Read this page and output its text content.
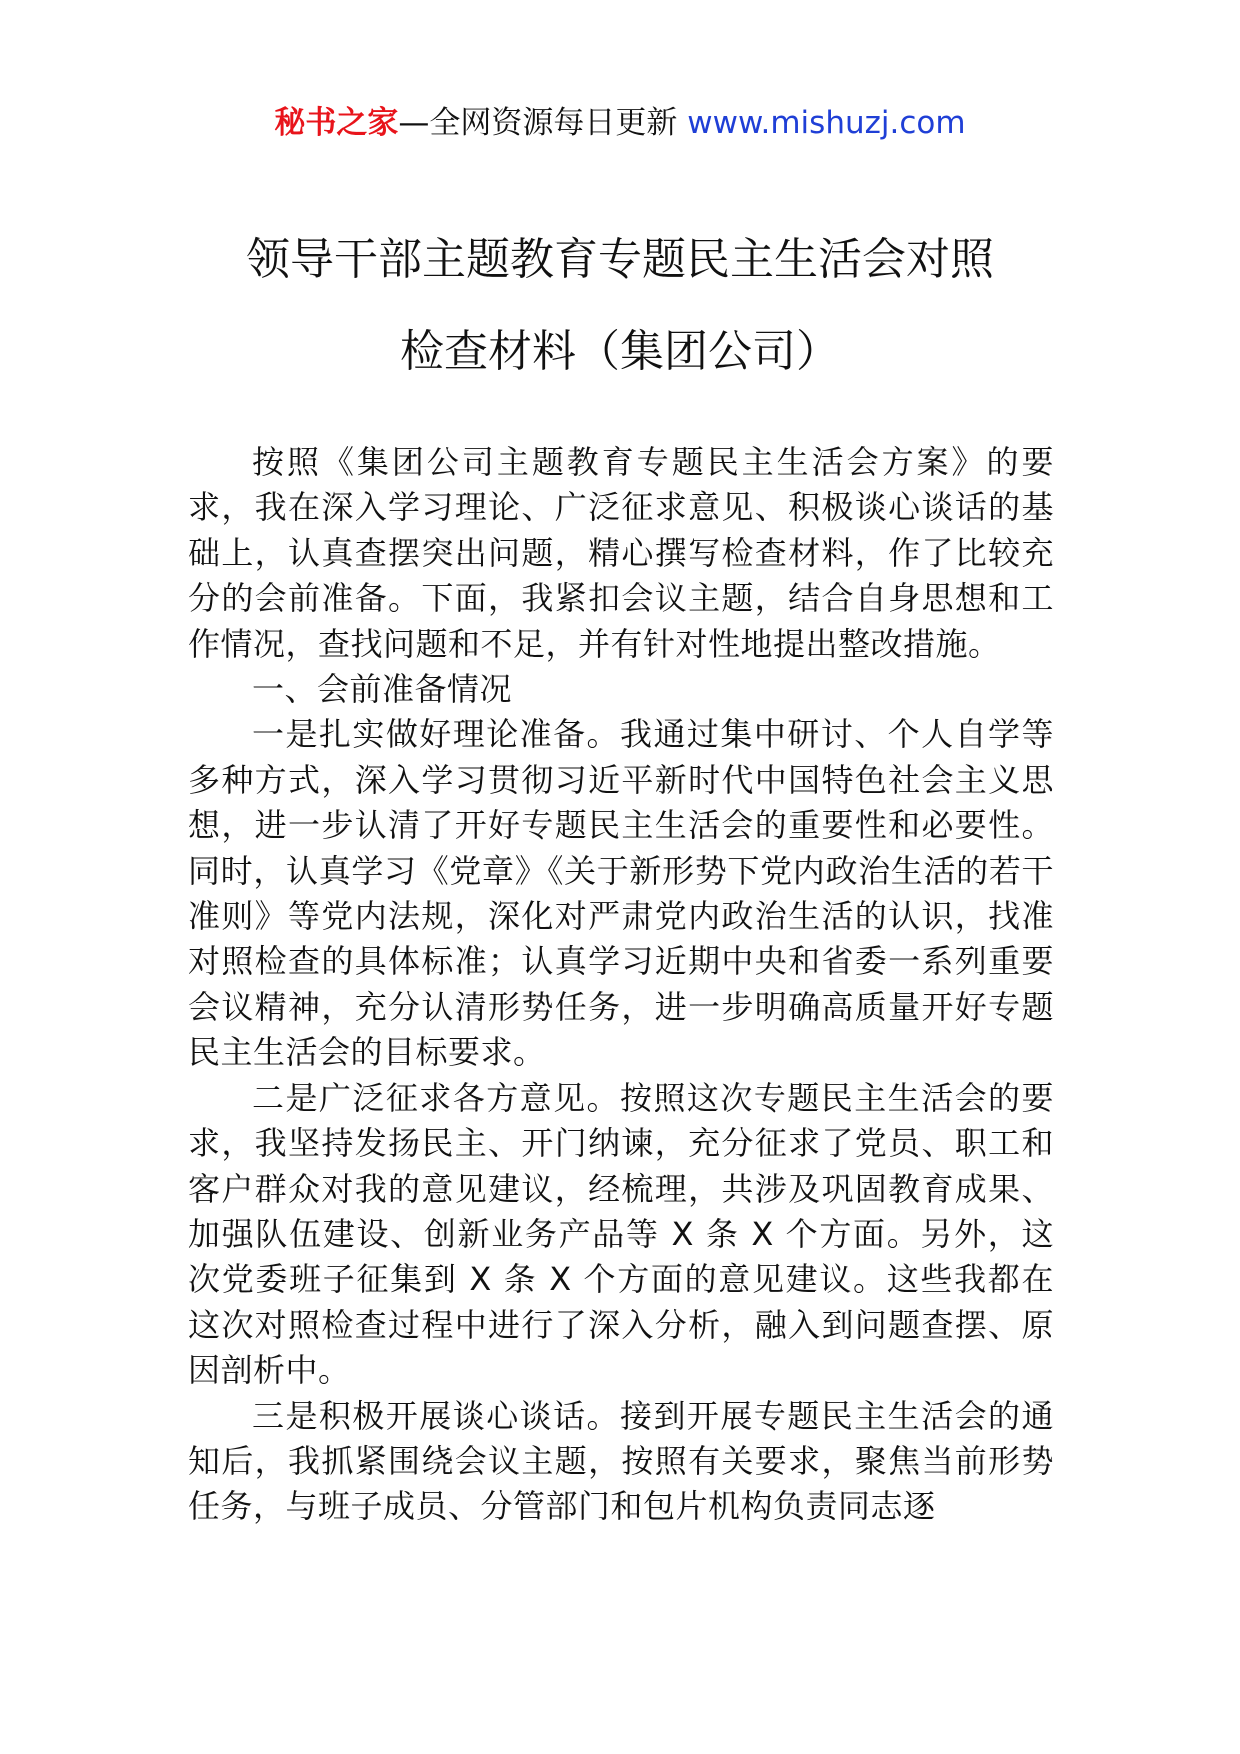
秘书之家—全网资源每日更新 www.mishuzj.com
领导干部主题教育专题民主生活会对照
检查材料（集团公司）

按照《集团公司主题教育专题民主生活会方案》的要求，我在深入学习理论、广泛征求意见、积极谈心谈话的基础上，认真查摆突出问题，精心撰写检查材料，作了比较充分的会前准备。下面，我紧扣会议主题，结合自身思想和工作情况，查找问题和不足，并有针对性地提出整改措施。

一、会前准备情况

一是扎实做好理论准备。我通过集中研讨、个人自学等多种方式，深入学习贯彻习近平新时代中国特色社会主义思想，进一步认清了开好专题民主生活会的重要性和必要性。同时，认真学习《党章》《关于新形势下党内政治生活的若干准则》等党内法规，深化对严肃党内政治生活的认识，找准对照检查的具体标准；认真学习近期中央和省委一系列重要会议精神，充分认清形势任务，进一步明确高质量开好专题民主生活会的目标要求。

二是广泛征求各方意见。按照这次专题民主生活会的要求，我坚持发扬民主、开门纳谏，充分征求了党员、职工和客户群众对我的意见建议，经梳理，共涉及巩固教育成果、加强队伍建设、创新业务产品等 X 条 X 个方面。另外，这次党委班子征集到 X 条 X 个方面的意见建议。这些我都在这次对照检查过程中进行了深入分析，融入到问题查摆、原因剖析中。

三是积极开展谈心谈话。接到开展专题民主生活会的通知后，我抓紧围绕会议主题，按照有关要求，聚焦当前形势任务，与班子成员、分管部门和包片机构负责同志逐
